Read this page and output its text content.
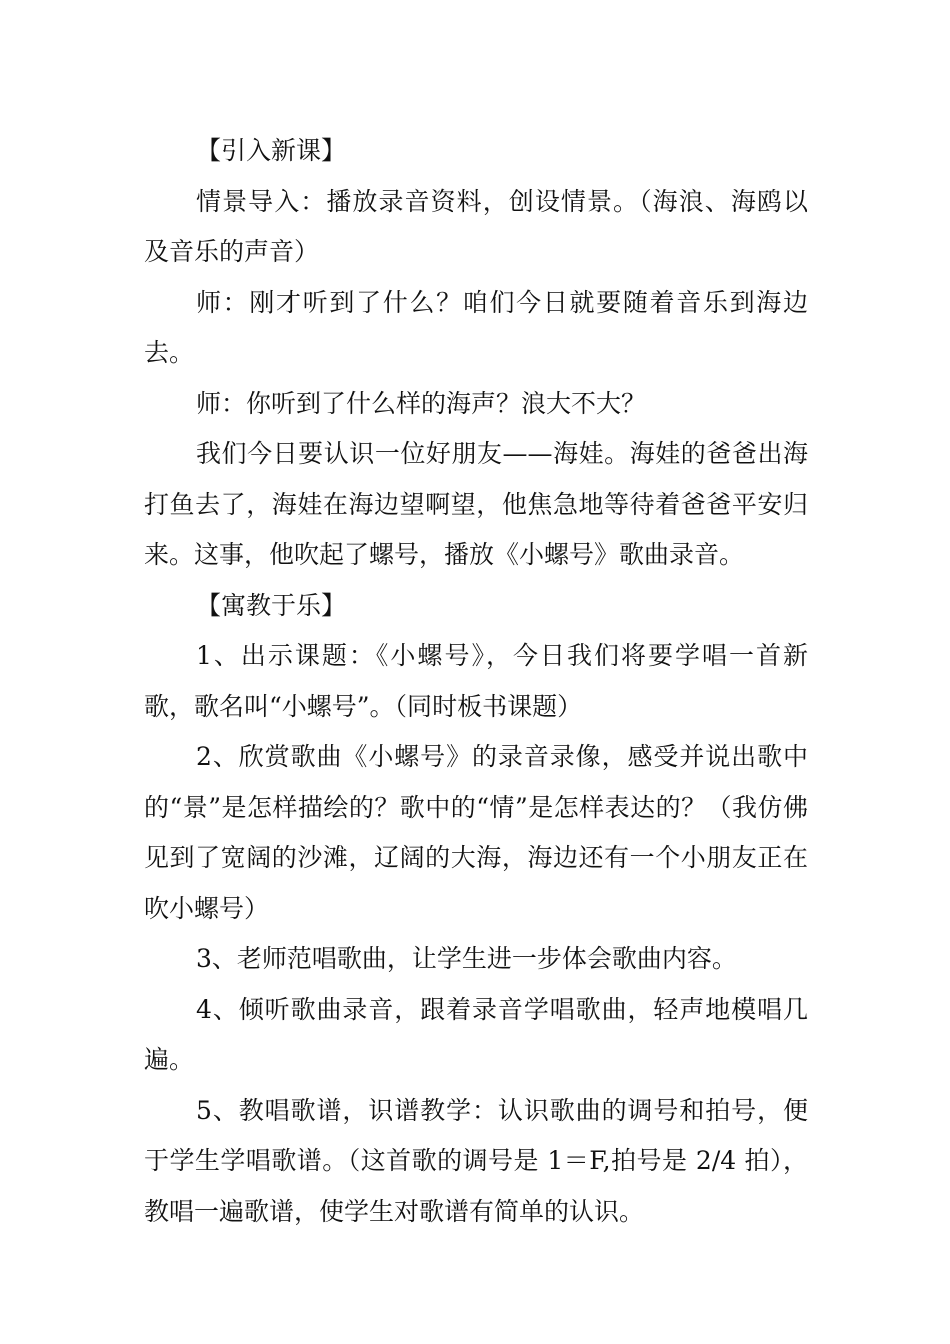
【引入新课】

情景导入：播放录音资料，创设情景。（海浪、海鸥以及音乐的声音）

师：刚才听到了什么？咱们今日就要随着音乐到海边去。

师：你听到了什么样的海声？浪大不大？

我们今日要认识一位好朋友——海娃。海娃的爸爸出海打鱼去了，海娃在海边望啊望，他焦急地等待着爸爸平安归来。这事，他吹起了螺号，播放《小螺号》歌曲录音。

【寓教于乐】

1、出示课题：《小螺号》，今日我们将要学唱一首新歌，歌名叫“小螺号”。（同时板书课题）

2、欣赏歌曲《小螺号》的录音录像，感受并说出歌中的“景”是怎样描绘的？歌中的“情”是怎样表达的？（我仿佛见到了宽阔的沙滩，辽阔的大海，海边还有一个小朋友正在吹小螺号）

3、老师范唱歌曲，让学生进一步体会歌曲内容。

4、倾听歌曲录音，跟着录音学唱歌曲，轻声地模唱几遍。

5、教唱歌谱，识谱教学：认识歌曲的调号和拍号，便于学生学唱歌谱。（这首歌的调号是 1＝F,拍号是 2/4 拍），教唱一遍歌谱，使学生对歌谱有简单的认识。
